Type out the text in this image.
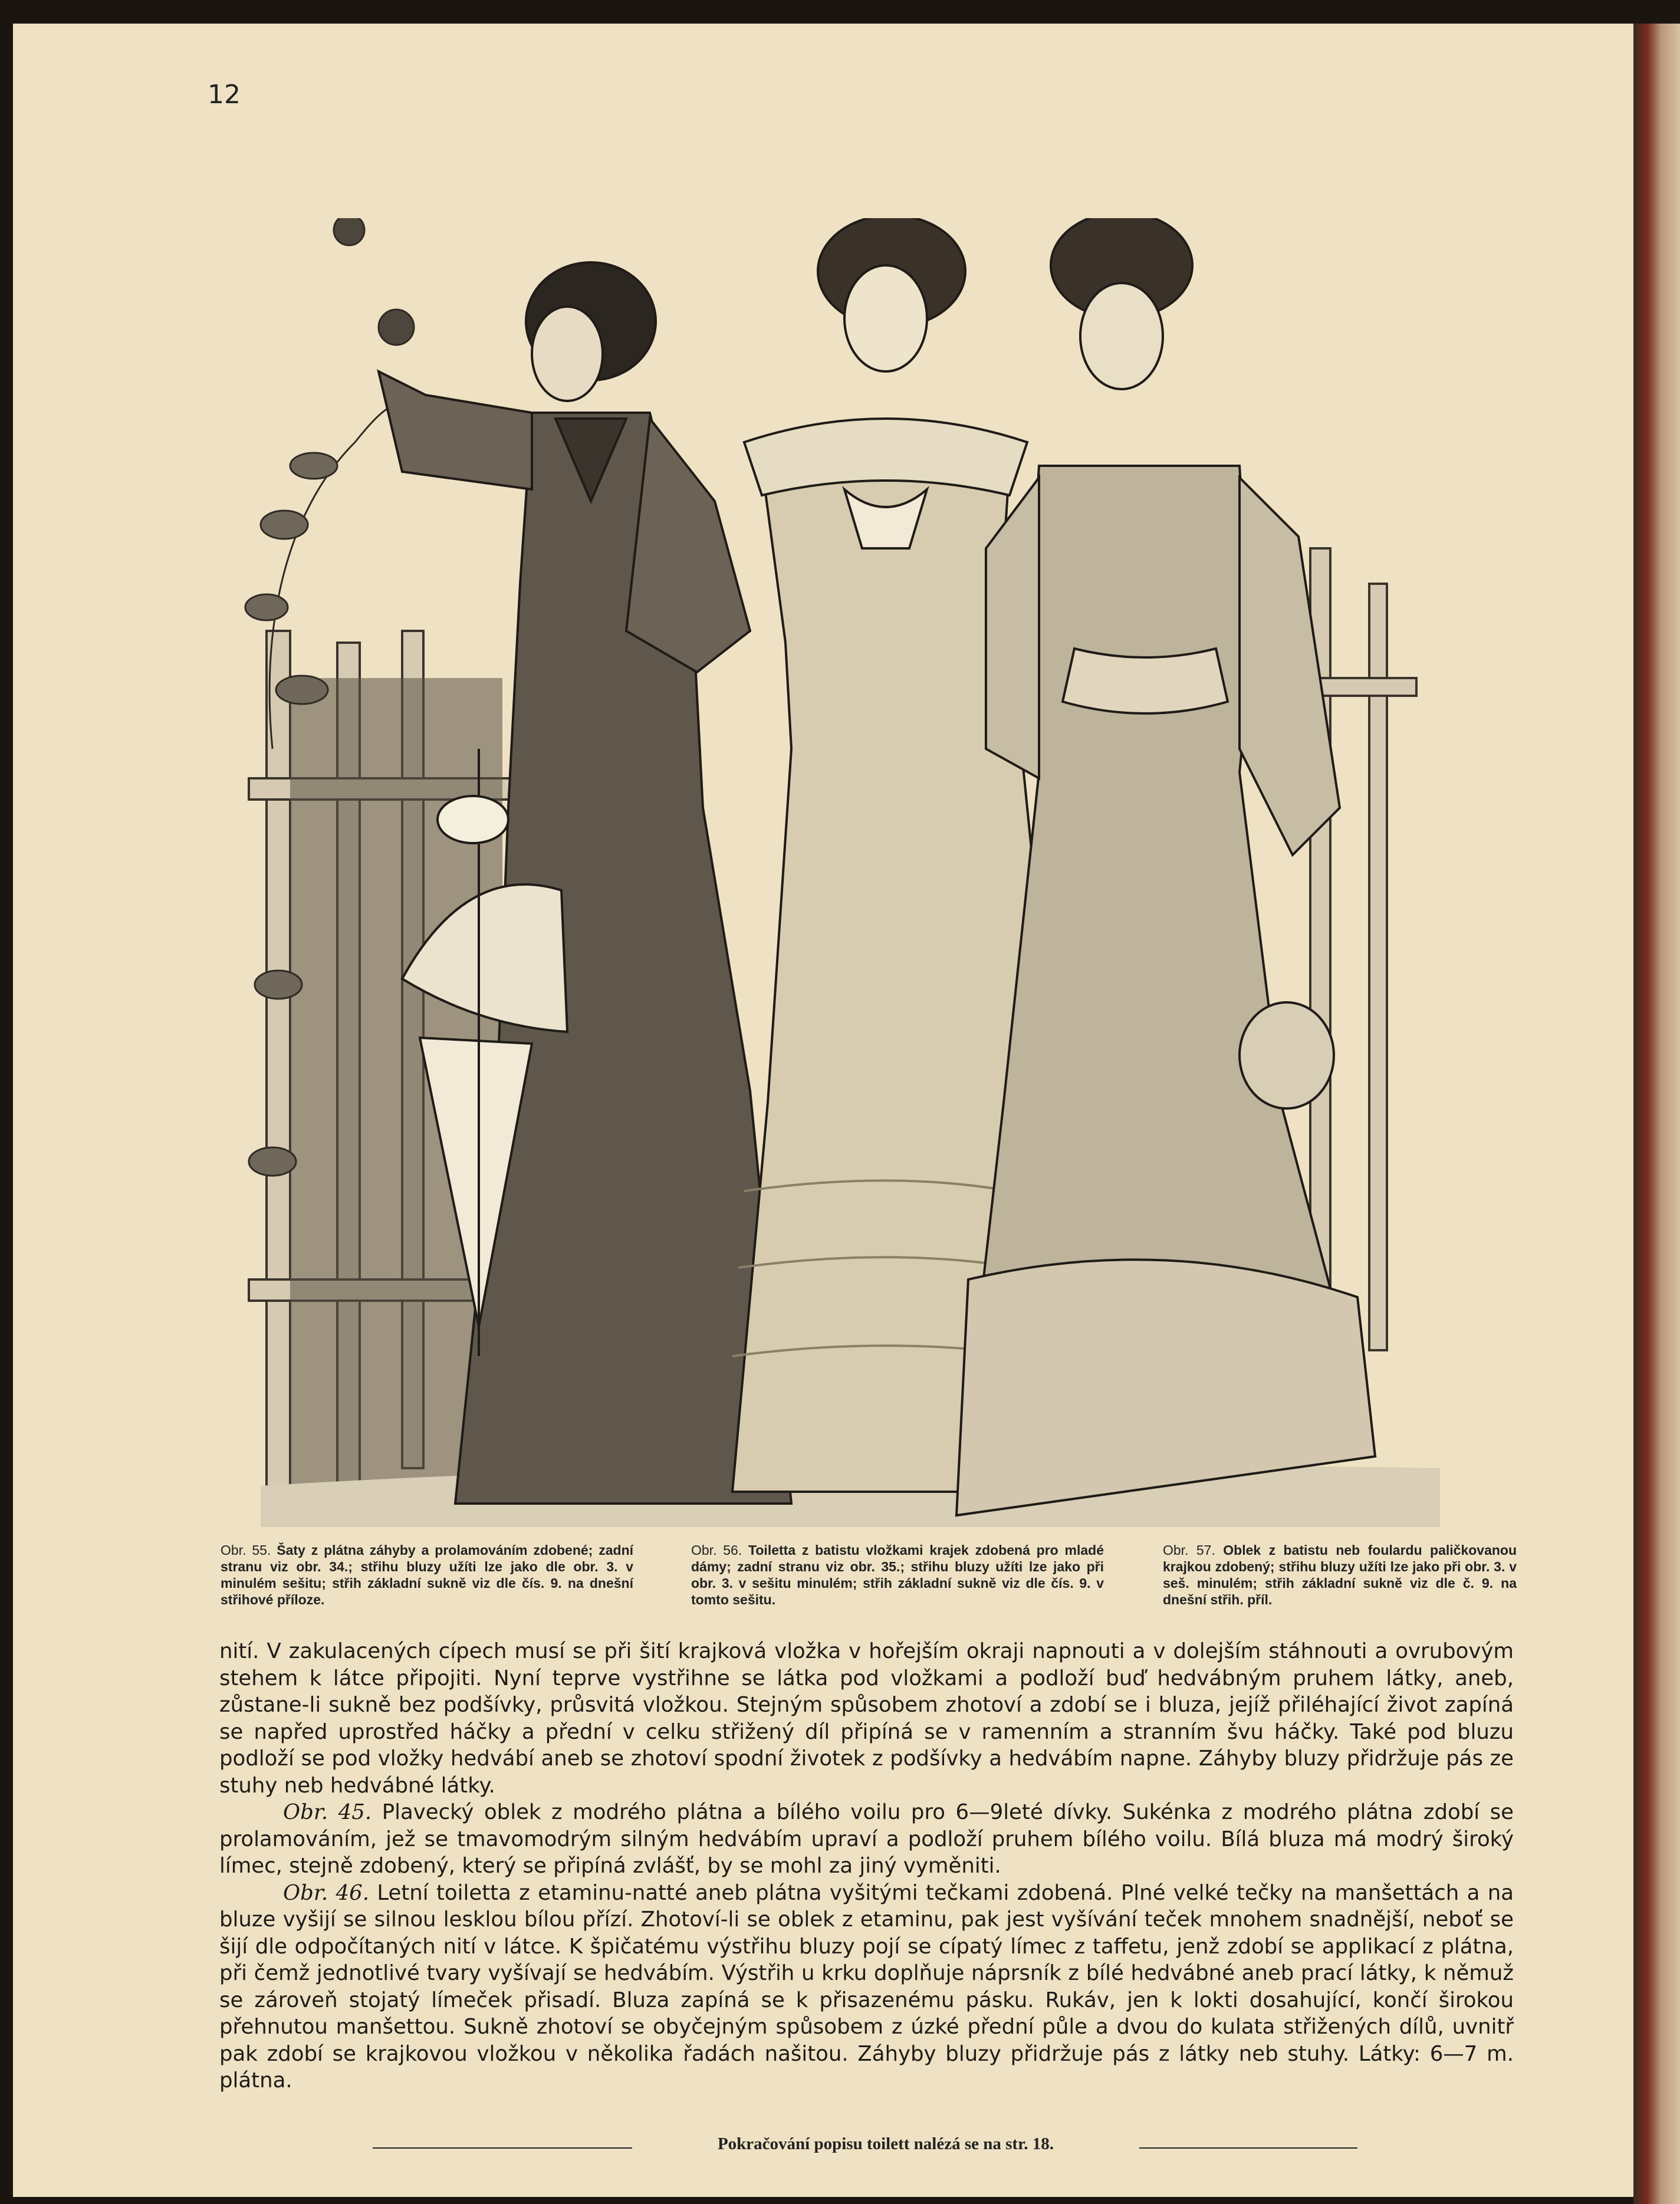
12
Obr. 55. Šaty z plátna záhyby a prolamováním zdobené; zadní stranu viz obr. 34.; střihu bluzy užíti lze jako dle obr. 3. v minulém sešitu; střih základní sukně viz dle čís. 9. na dnešní střihové příloze.
Obr. 56. Toiletta z batistu vložkami krajek zdobená pro mladé dámy; zadní stranu viz obr. 35.; střihu bluzy užíti lze jako při obr. 3. v sešitu minulém; střih základní sukně viz dle čís. 9. v tomto sešitu.
Obr. 57. Oblek z batistu neb foulardu paličkovanou krajkou zdobený; střihu bluzy užíti lze jako při obr. 3. v seš. minulém; střih základní sukně viz dle č. 9. na dnešní střih. příl.

nití. V zakulacených cípech musí se při šití krajková vložka v hořejším okraji napnouti a v dolejším stáhnouti a ovrubovým stehem k látce připojiti. Nyní teprve vystřihne se látka pod vložkami a podloží buď hedvábným pruhem látky, aneb, zůstane-li sukně bez podšívky, průsvitá vložkou. Stejným spůsobem zhotoví a zdobí se i bluza, jejíž přiléhající život zapíná se napřed uprostřed háčky a přední v celku střižený díl připíná se v ramenním a stranním švu háčky. Také pod bluzu podloží se pod vložky hedvábí aneb se zhotoví spodní životek z podšívky a hedvábím napne. Záhyby bluzy přidržuje pás ze stuhy neb hedvábné látky.

Obr. 45. Plavecký oblek z modrého plátna a bílého voilu pro 6—9leté dívky. Sukénka z modrého plátna zdobí se prolamováním, jež se tmavomodrým silným hedvábím upraví a podloží pruhem bílého voilu. Bílá bluza má modrý široký límec, stejně zdobený, který se připíná zvlášť, by se mohl za jiný vyměniti.

Obr. 46. Letní toiletta z etaminu-natté aneb plátna vyšitými tečkami zdobená. Plné velké tečky na manšettách a na bluze vyšijí se silnou lesklou bílou přízí. Zhotoví-li se oblek z etaminu, pak jest vyšívání teček mnohem snadnější, neboť se šijí dle odpočítaných nití v látce. K špičatému výstřihu bluzy pojí se cípatý límec z taffetu, jenž zdobí se applikací z plátna, při čemž jednotlivé tvary vyšívají se hedvábím. Výstřih u krku doplňuje náprsník z bílé hedvábné aneb prací látky, k němuž se zároveň stojatý límeček přisadí. Bluza zapíná se k přisazenému pásku. Rukáv, jen k lokti dosahující, končí širokou přehnutou manšettou. Sukně zhotoví se obyčejným spůsobem z úzké přední půle a dvou do kulata střižených dílů, uvnitř pak zdobí se krajkovou vložkou v několika řadách našitou. Záhyby bluzy přidržuje pás z látky neb stuhy. Látky: 6—7 m. plátna.

Pokračování popisu toilett nalézá se na str. 18.
